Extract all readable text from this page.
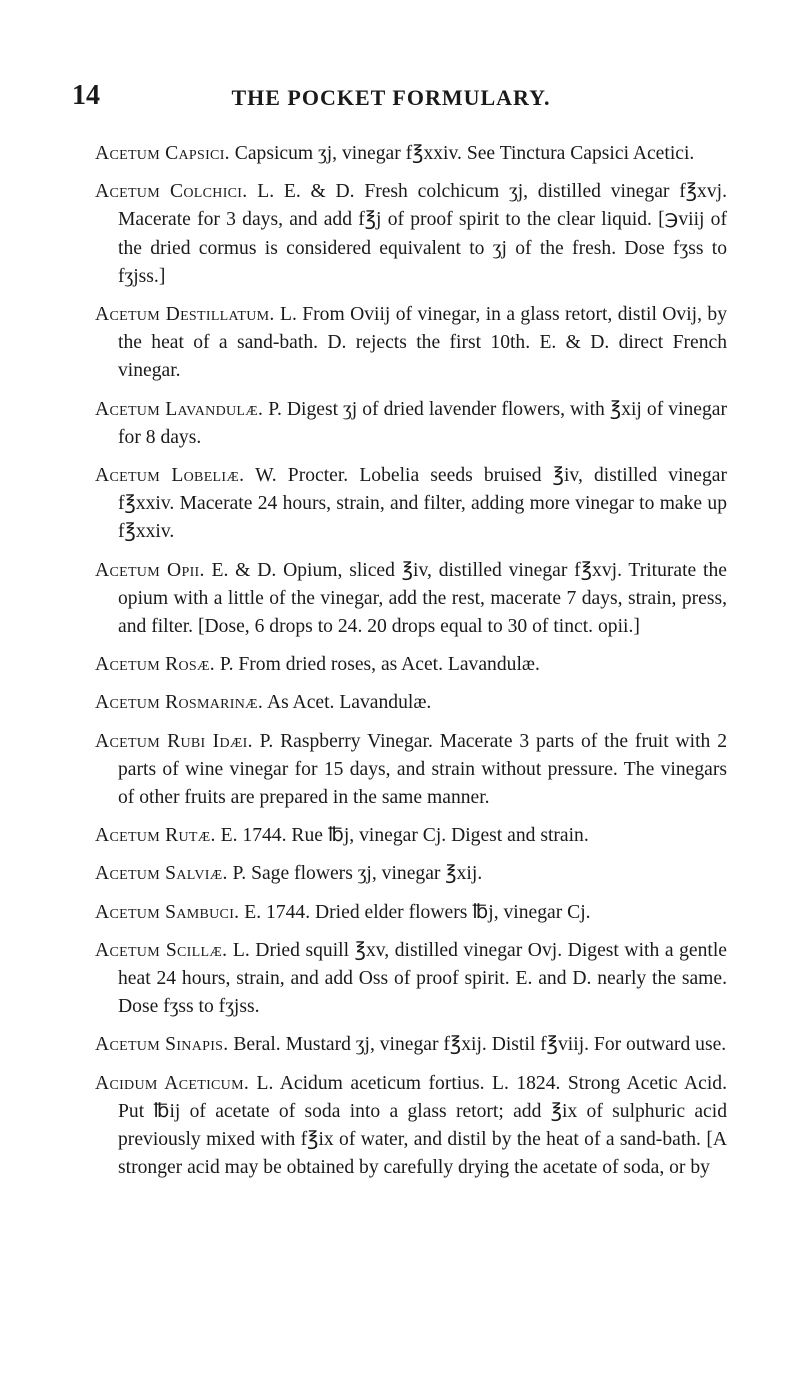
14	THE POCKET FORMULARY.

Acetum Capsici. Capsicum ʒj, vinegar f℥xxiv. See Tinctura Capsici Acetici.

Acetum Colchici. L. E. & D. Fresh colchicum ʒj, distilled vinegar f℥xvj. Macerate for 3 days, and add f℥j of proof spirit to the clear liquid. [℈viij of the dried cormus is considered equivalent to ʒj of the fresh. Dose fʒss to fʒjss.]

Acetum Destillatum. L. From Oviij of vinegar, in a glass retort, distil Ovij, by the heat of a sand-bath. D. rejects the first 10th. E. & D. direct French vinegar.

Acetum Lavandulæ. P. Digest ʒj of dried lavender flowers, with ℥xij of vinegar for 8 days.

Acetum Lobeliæ. W. Procter. Lobelia seeds bruised ℥iv, distilled vinegar f℥xxiv. Macerate 24 hours, strain, and filter, adding more vinegar to make up f℥xxiv.

Acetum Opii. E. & D. Opium, sliced ℥iv, distilled vinegar f℥xvj. Triturate the opium with a little of the vinegar, add the rest, macerate 7 days, strain, press, and filter. [Dose, 6 drops to 24. 20 drops equal to 30 of tinct. opii.]

Acetum Rosæ. P. From dried roses, as Acet. Lavandulæ.

Acetum Rosmarinæ. As Acet. Lavandulæ.

Acetum Rubi Idæi. P. Raspberry Vinegar. Macerate 3 parts of the fruit with 2 parts of wine vinegar for 15 days, and strain without pressure. The vinegars of other fruits are prepared in the same manner.

Acetum Rutæ. E. 1744. Rue ℔j, vinegar Cj. Digest and strain.

Acetum Salviæ. P. Sage flowers ʒj, vinegar ℥xij.

Acetum Sambuci. E. 1744. Dried elder flowers ℔j, vinegar Cj.

Acetum Scillæ. L. Dried squill ℥xv, distilled vinegar Ovj. Digest with a gentle heat 24 hours, strain, and add Oss of proof spirit. E. and D. nearly the same. Dose fʒss to fʒjss.

Acetum Sinapis. Beral. Mustard ʒj, vinegar f℥xij. Distil f℥viij. For outward use.

Acidum Aceticum. L. Acidum aceticum fortius. L. 1824. Strong Acetic Acid. Put ℔ij of acetate of soda into a glass retort; add ℥ix of sulphuric acid previously mixed with f℥ix of water, and distil by the heat of a sand-bath. [A stronger acid may be obtained by carefully drying the acetate of soda, or by
